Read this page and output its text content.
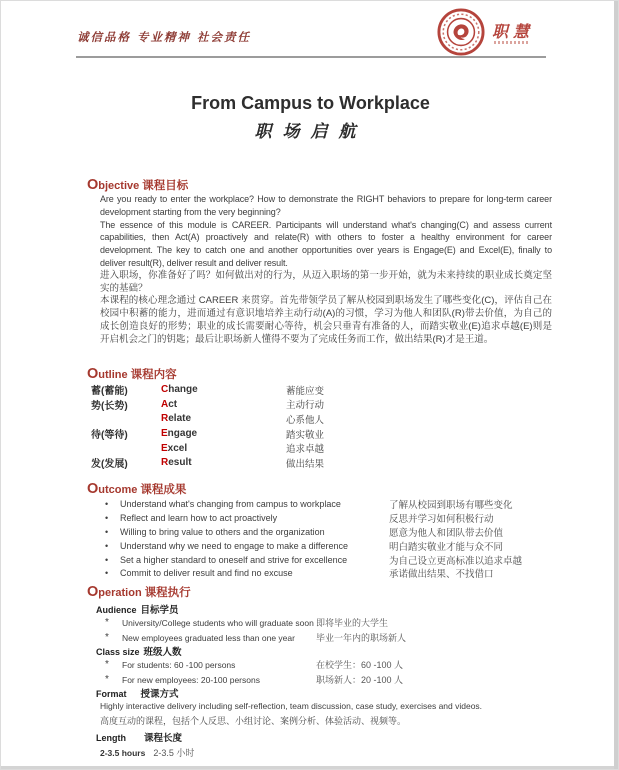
诚信品格 专业精神 社会责任	职慧
From Campus to Workplace
职场启航
Objective 课程目标
Are you ready to enter the workplace? How to demonstrate the RIGHT behaviors to prepare for long-term career development starting from the very beginning?
The essence of this module is CAREER. Participants will understand what's changing(C) and assess current capabilities, then Act(A) proactively and relate(R) with others to foster a healthy environment for career development. The key to catch one and another opportunities over years is Engage(E) and Excel(E), finally to deliver result(R), deliver result and deliver result.
进入职场，你准备好了吗？如何做出对的行为，从迈入职场的第一步开始，就为未来持续的职业成长奠定坚实的基础？
本课程的核心理念通过 CAREER 来贯穿。首先带领学员了解从校园到职场发生了哪些变化(C)，评估自己在校园中积蓄的能力，进而通过有意识地培养主动行动(A)的习惯，学习为他人和团队(R)带去价值，为自己的成长创造良好的形势；职业的成长需要耐心等待，机会只垂青有准备的人，而踏实敬业(E)追求卓越(E)则是开启机会之门的钥匙；最后让职场新人懂得不要为了完成任务而工作，做出结果(R)才是王道。
Outline 课程内容
蓄(蓄能)	Change	蓄能应变
势(长势)	Act	主动行动
Relate	心系他人
待(等待)	Engage	踏实敬业
Excel	追求卓越
发(发展)	Result	做出结果
Outcome 课程成果
•	Understand what's changing from campus to workplace	了解从校园到职场有哪些变化
•	Reflect and learn how to act proactively	反思并学习如何积极行动
•	Willing to bring value to others and the organization	愿意为他人和团队带去价值
•	Understand why we need to engage to make a difference	明白踏实敬业才能与众不同
•	Set a higher standard to oneself and strive for excellence	为自己设立更高标准以追求卓越
•	Commit to deliver result and find no excuse	承诺做出结果、不找借口
Operation 课程执行
Audience 目标学员
*	University/College students who will graduate soon 即将毕业的大学生
*	New employees graduated less than one year	毕业一年内的职场新人
Class size 班级人数
*	For students: 60 -100 persons	在校学生：60 -100 人
*	For new employees: 20-100 persons	职场新人：20 -100 人
Format 授课方式
Highly interactive delivery including self-reflection, team discussion, case study, exercises and videos.
高度互动的课程，包括个人反思、小组讨论、案例分析、体验活动、视频等。
Length 课程长度
2-3.5 hours 2-3.5 小时
